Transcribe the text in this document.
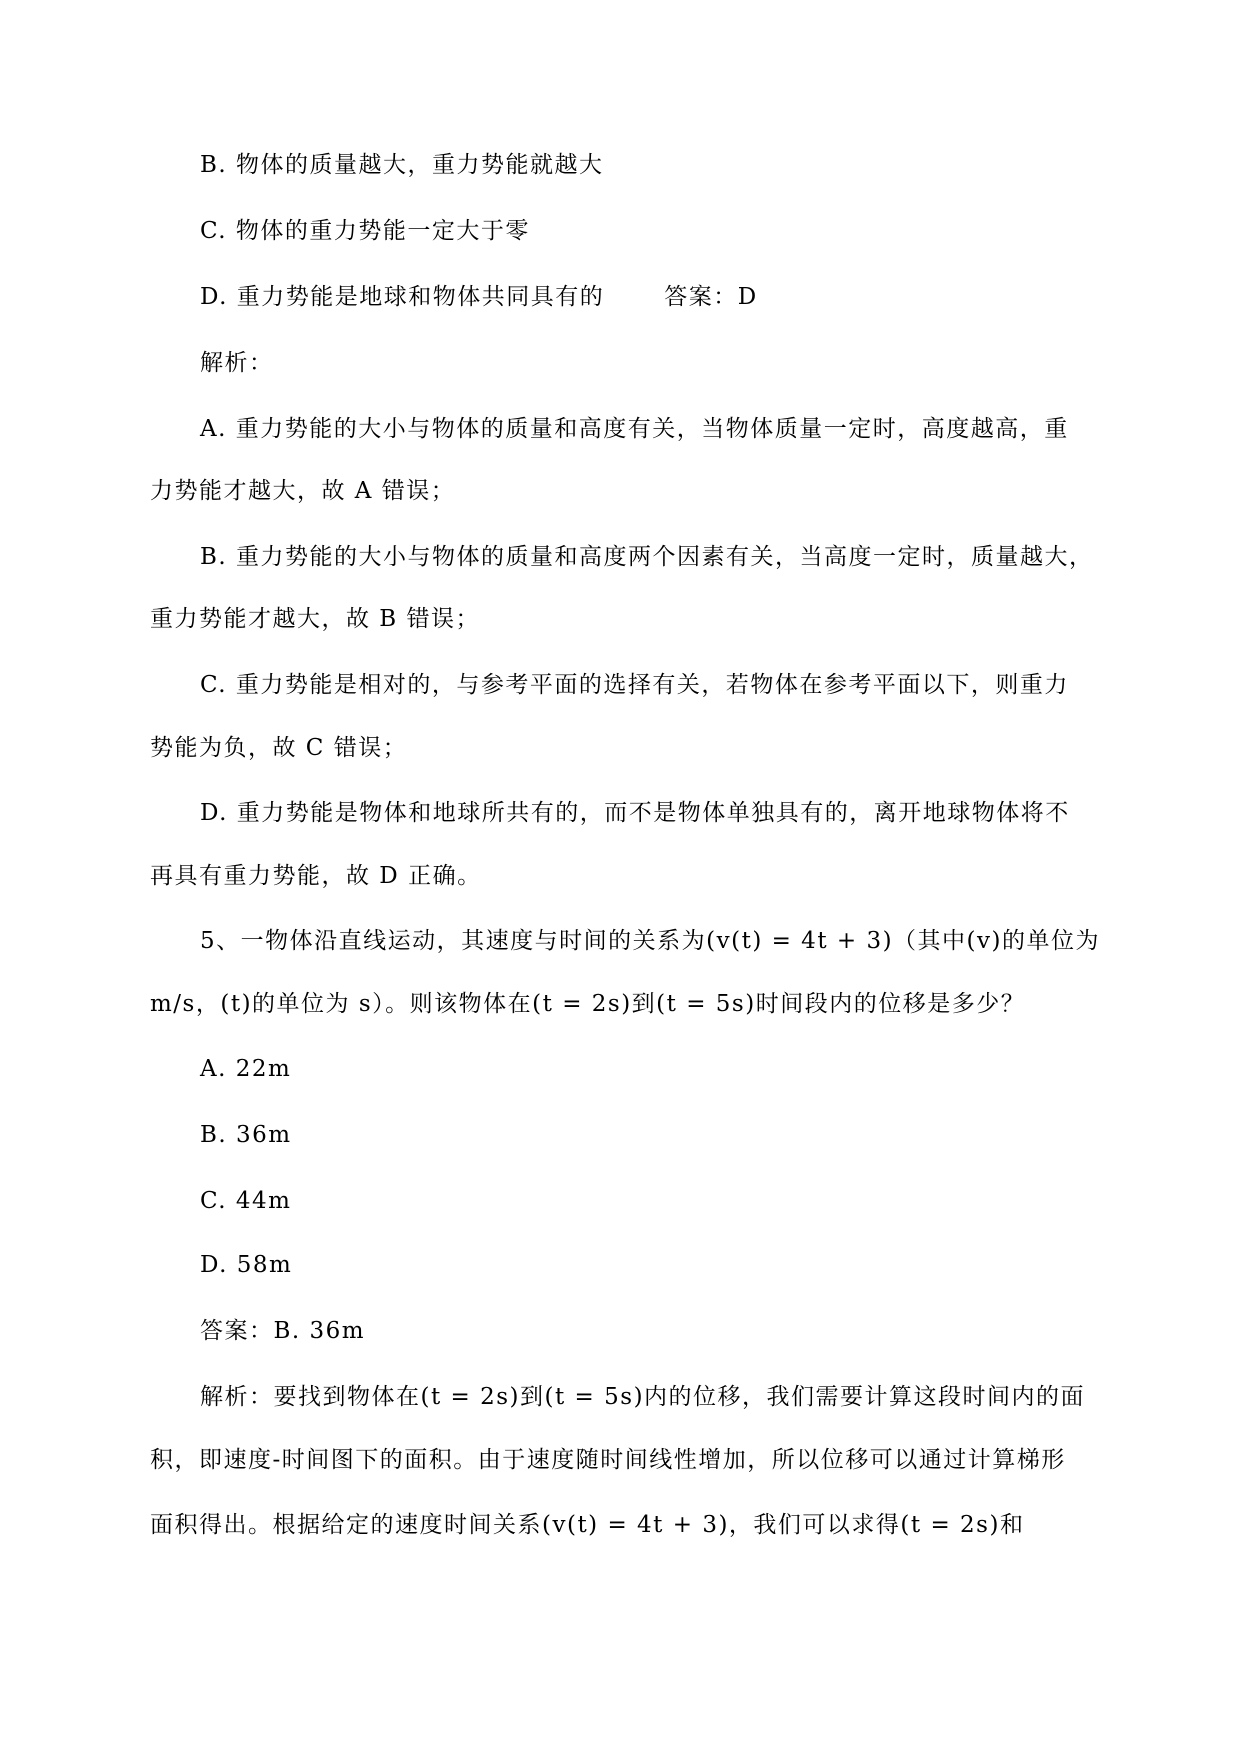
B. 物体的质量越大，重力势能就越大
C. 物体的重力势能一定大于零
D. 重力势能是地球和物体共同具有的	答案：D
解析：
A. 重力势能的大小与物体的质量和高度有关，当物体质量一定时，高度越高，重
力势能才越大，故 A 错误；
B. 重力势能的大小与物体的质量和高度两个因素有关，当高度一定时，质量越大，
重力势能才越大，故 B 错误；
C. 重力势能是相对的，与参考平面的选择有关，若物体在参考平面以下，则重力
势能为负，故 C 错误；
D. 重力势能是物体和地球所共有的，而不是物体单独具有的，离开地球物体将不
再具有重力势能，故 D 正确。
5、一物体沿直线运动，其速度与时间的关系为(v(t) = 4t + 3)（其中(v)的单位为
m/s，(t)的单位为 s）。则该物体在(t = 2s)到(t = 5s)时间段内的位移是多少？
A. 22m
B. 36m
C. 44m
D. 58m
答案：B. 36m
解析：要找到物体在(t = 2s)到(t = 5s)内的位移，我们需要计算这段时间内的面
积，即速度-时间图下的面积。由于速度随时间线性增加，所以位移可以通过计算梯形
面积得出。根据给定的速度时间关系(v(t) = 4t + 3)，我们可以求得(t = 2s)和
